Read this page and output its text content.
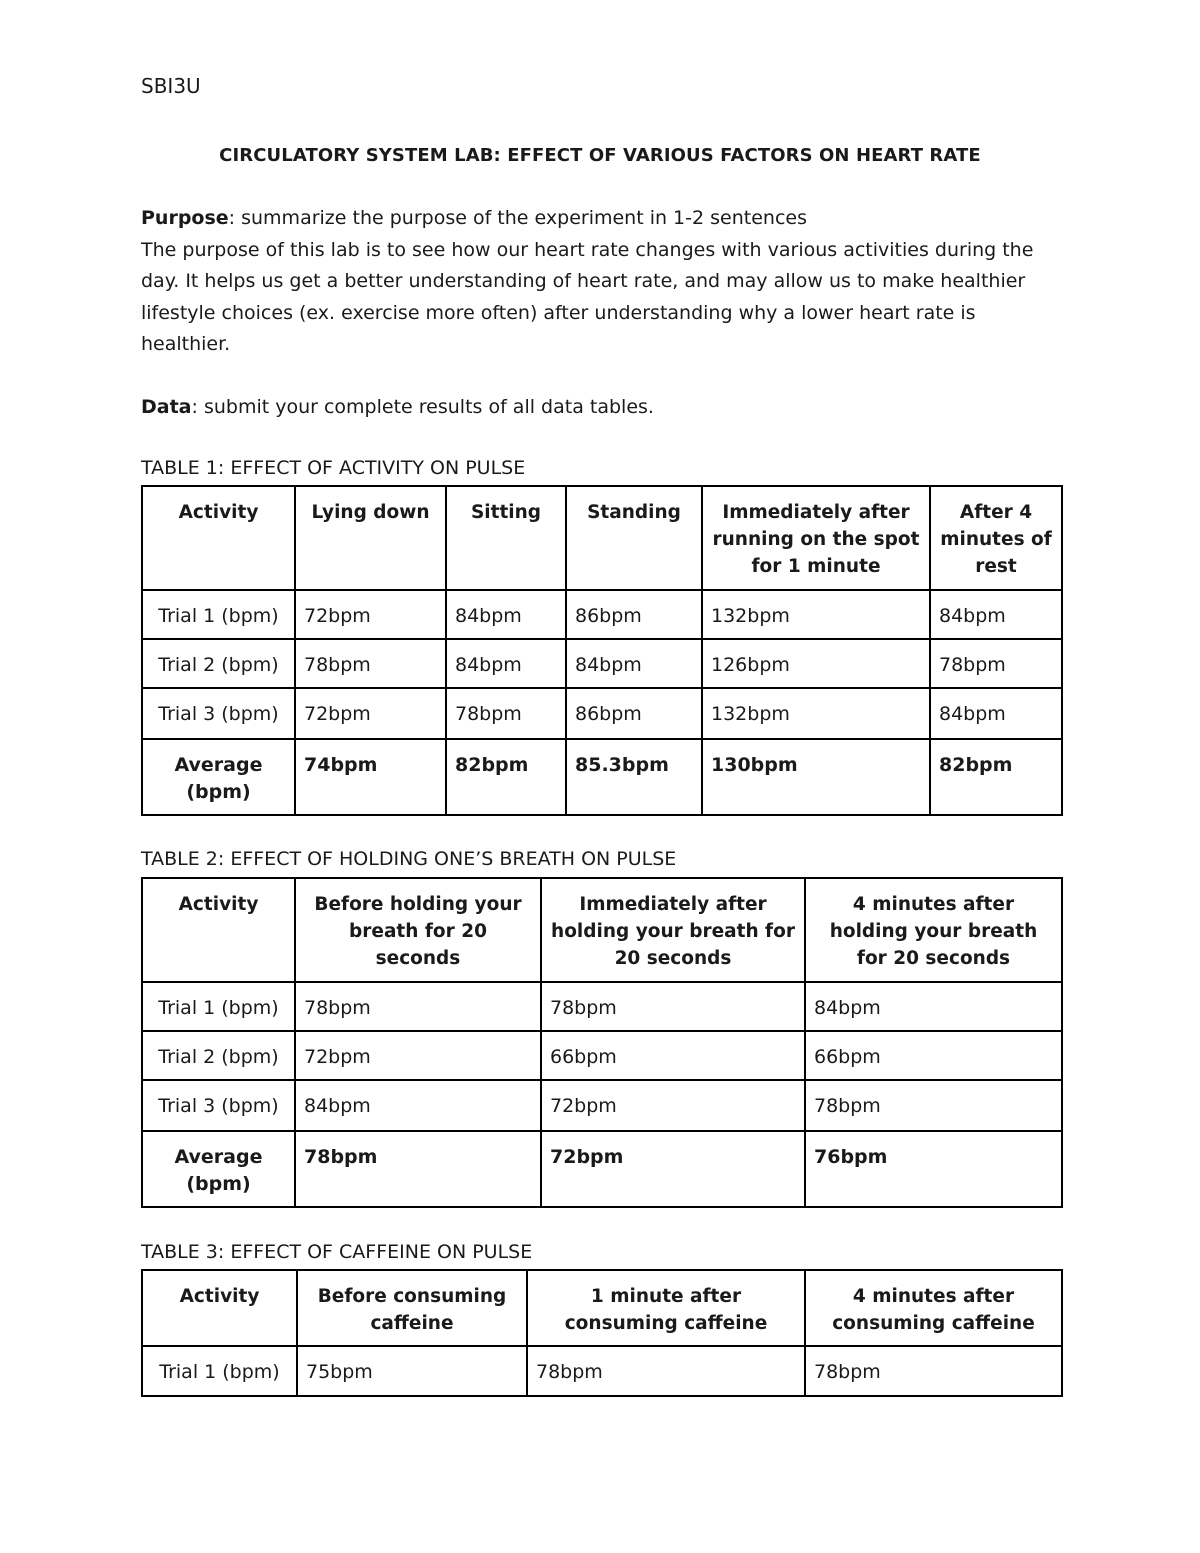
SBI3U
CIRCULATORY SYSTEM LAB: EFFECT OF VARIOUS FACTORS ON HEART RATE
Purpose: summarize the purpose of the experiment in 1-2 sentences
The purpose of this lab is to see how our heart rate changes with various activities during the day. It helps us get a better understanding of heart rate, and may allow us to make healthier lifestyle choices (ex. exercise more often) after understanding why a lower heart rate is healthier.
Data: submit your complete results of all data tables.
TABLE 1: EFFECT OF ACTIVITY ON PULSE
Activity	Lying down	Sitting	Standing	Immediately after running on the spot for 1 minute	After 4 minutes of rest
Trial 1 (bpm)	72bpm	84bpm	86bpm	132bpm	84bpm
Trial 2 (bpm)	78bpm	84bpm	84bpm	126bpm	78bpm
Trial 3 (bpm)	72bpm	78bpm	86bpm	132bpm	84bpm
Average (bpm)	74bpm	82bpm	85.3bpm	130bpm	82bpm
TABLE 2: EFFECT OF HOLDING ONE’S BREATH ON PULSE
Activity	Before holding your breath for 20 seconds	Immediately after holding your breath for 20 seconds	4 minutes after holding your breath for 20 seconds
Trial 1 (bpm)	78bpm	78bpm	84bpm
Trial 2 (bpm)	72bpm	66bpm	66bpm
Trial 3 (bpm)	84bpm	72bpm	78bpm
Average (bpm)	78bpm	72bpm	76bpm
TABLE 3: EFFECT OF CAFFEINE ON PULSE
Activity	Before consuming caffeine	1 minute after consuming caffeine	4 minutes after consuming caffeine
Trial 1 (bpm)	75bpm	78bpm	78bpm
